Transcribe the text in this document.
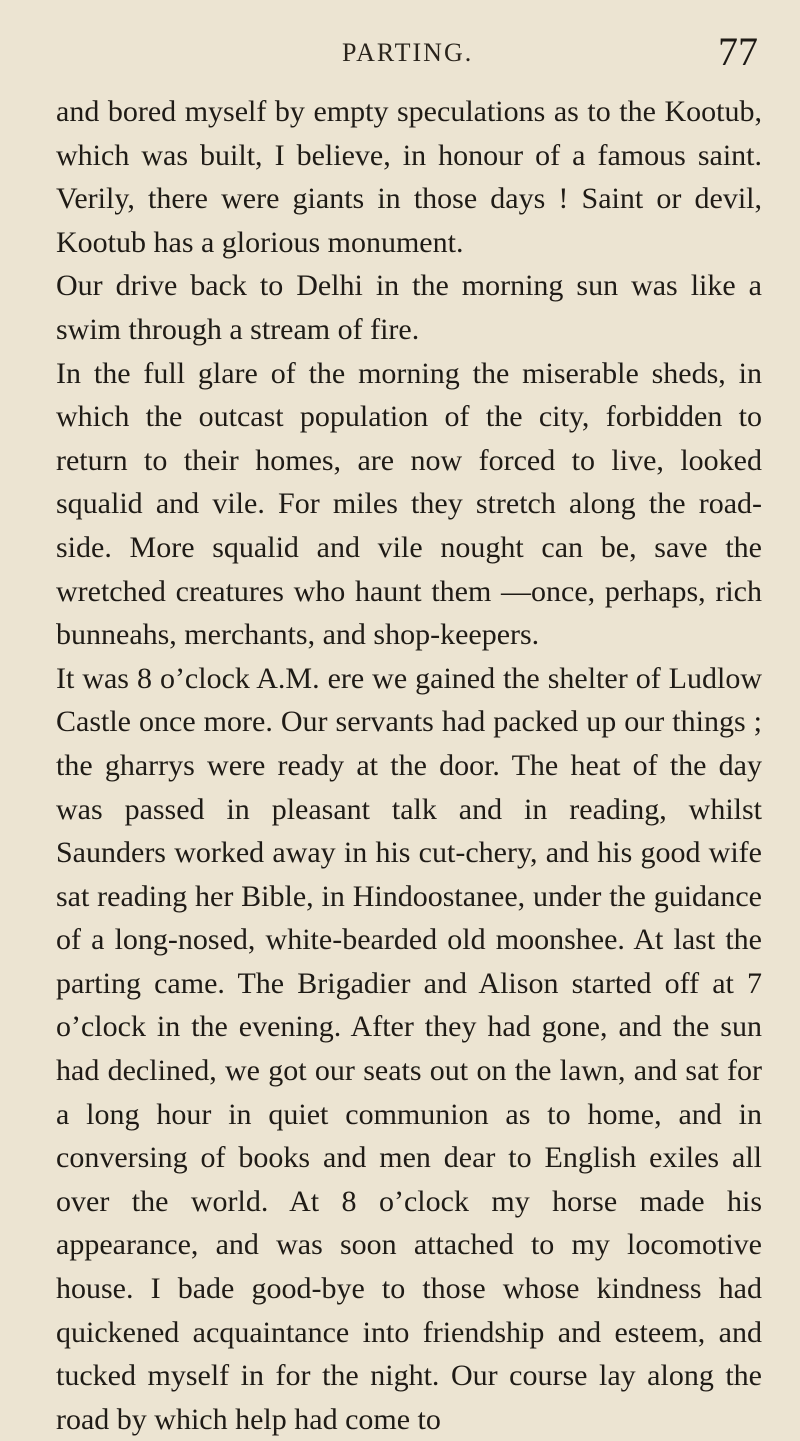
PARTING.	77

and bored myself by empty speculations as to the Kootub, which was built, I believe, in honour of a famous saint. Verily, there were giants in those days ! Saint or devil, Kootub has a glorious monument.

Our drive back to Delhi in the morning sun was like a swim through a stream of fire.

In the full glare of the morning the miserable sheds, in which the outcast population of the city, forbidden to return to their homes, are now forced to live, looked squalid and vile. For miles they stretch along the road-side. More squalid and vile nought can be, save the wretched creatures who haunt them —once, perhaps, rich bunneahs, merchants, and shop-keepers.

It was 8 o’clock A.M. ere we gained the shelter of Ludlow Castle once more. Our servants had packed up our things ; the gharrys were ready at the door. The heat of the day was passed in pleasant talk and in reading, whilst Saunders worked away in his cut-chery, and his good wife sat reading her Bible, in Hindoostanee, under the guidance of a long-nosed, white-bearded old moonshee. At last the parting came. The Brigadier and Alison started off at 7 o’clock in the evening. After they had gone, and the sun had declined, we got our seats out on the lawn, and sat for a long hour in quiet communion as to home, and in conversing of books and men dear to English exiles all over the world. At 8 o’clock my horse made his appearance, and was soon attached to my locomotive house. I bade good-bye to those whose kindness had quickened acquaintance into friendship and esteem, and tucked myself in for the night. Our course lay along the road by which help had come to
